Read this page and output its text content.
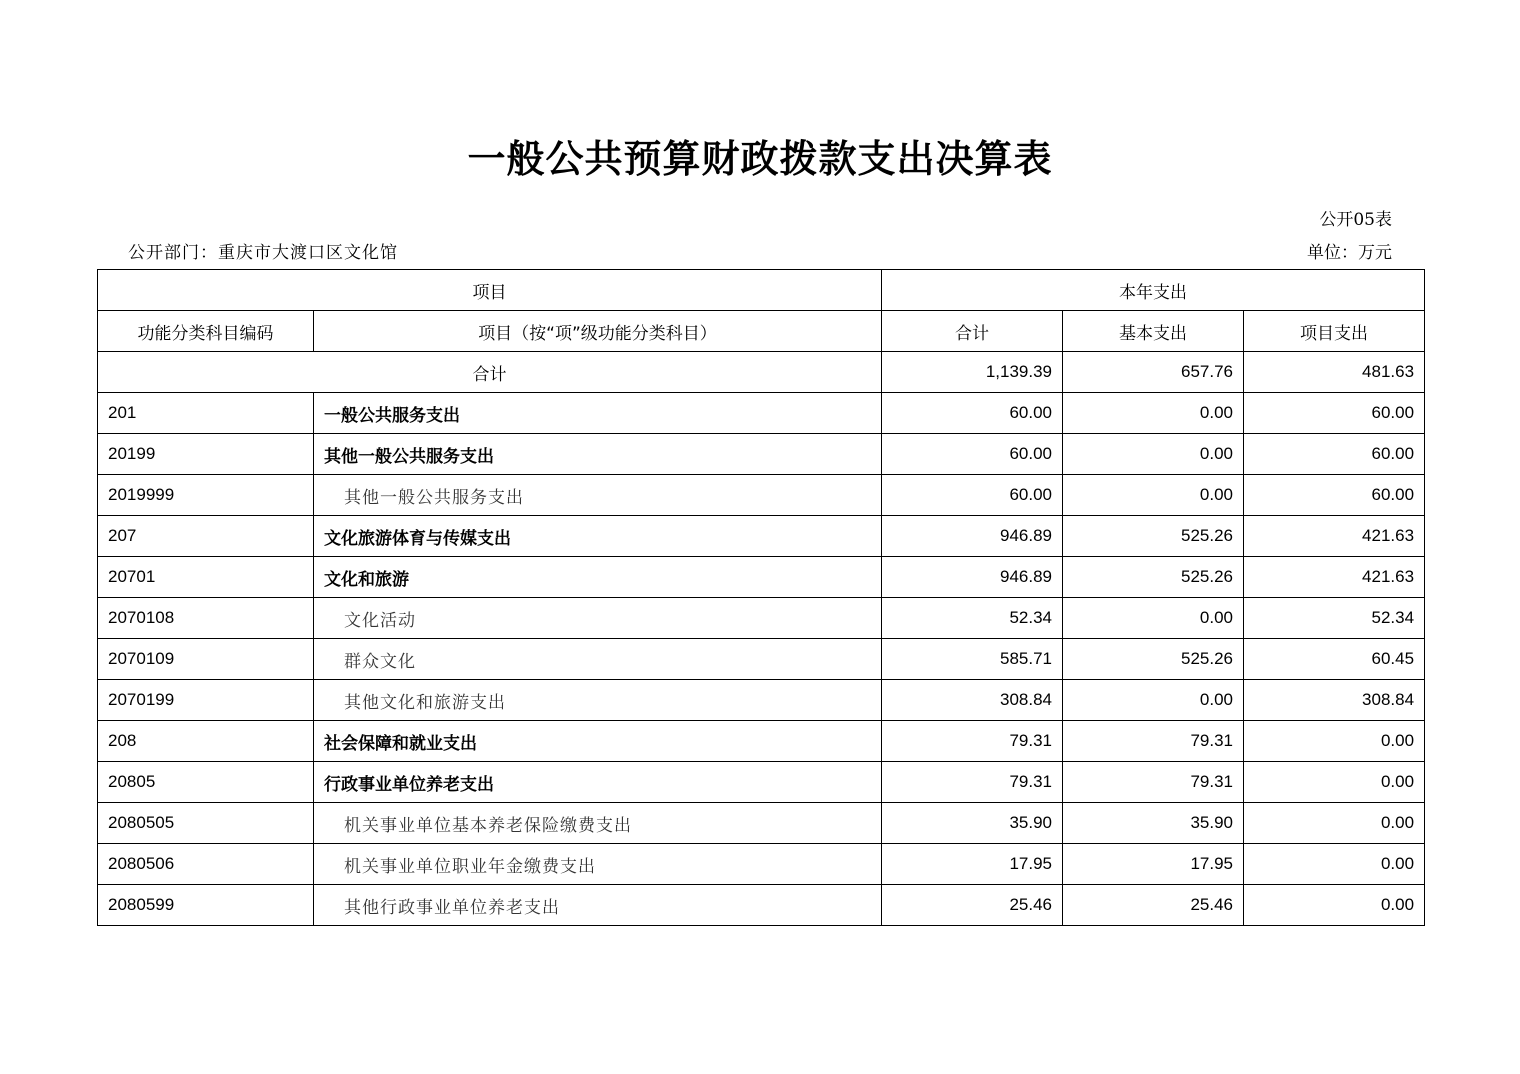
一般公共预算财政拨款支出决算表
公开05表
公开部门：重庆市大渡口区文化馆	单位：万元
项目		本年支出		
功能分类科目编码	项目（按“项”级功能分类科目）	合计	基本支出	项目支出
合计		1,139.39	657.76	481.63
201	一般公共服务支出	60.00	0.00	60.00
20199	其他一般公共服务支出	60.00	0.00	60.00
2019999	其他一般公共服务支出	60.00	0.00	60.00
207	文化旅游体育与传媒支出	946.89	525.26	421.63
20701	文化和旅游	946.89	525.26	421.63
2070108	文化活动	52.34	0.00	52.34
2070109	群众文化	585.71	525.26	60.45
2070199	其他文化和旅游支出	308.84	0.00	308.84
208	社会保障和就业支出	79.31	79.31	0.00
20805	行政事业单位养老支出	79.31	79.31	0.00
2080505	机关事业单位基本养老保险缴费支出	35.90	35.90	0.00
2080506	机关事业单位职业年金缴费支出	17.95	17.95	0.00
2080599	其他行政事业单位养老支出	25.46	25.46	0.00
